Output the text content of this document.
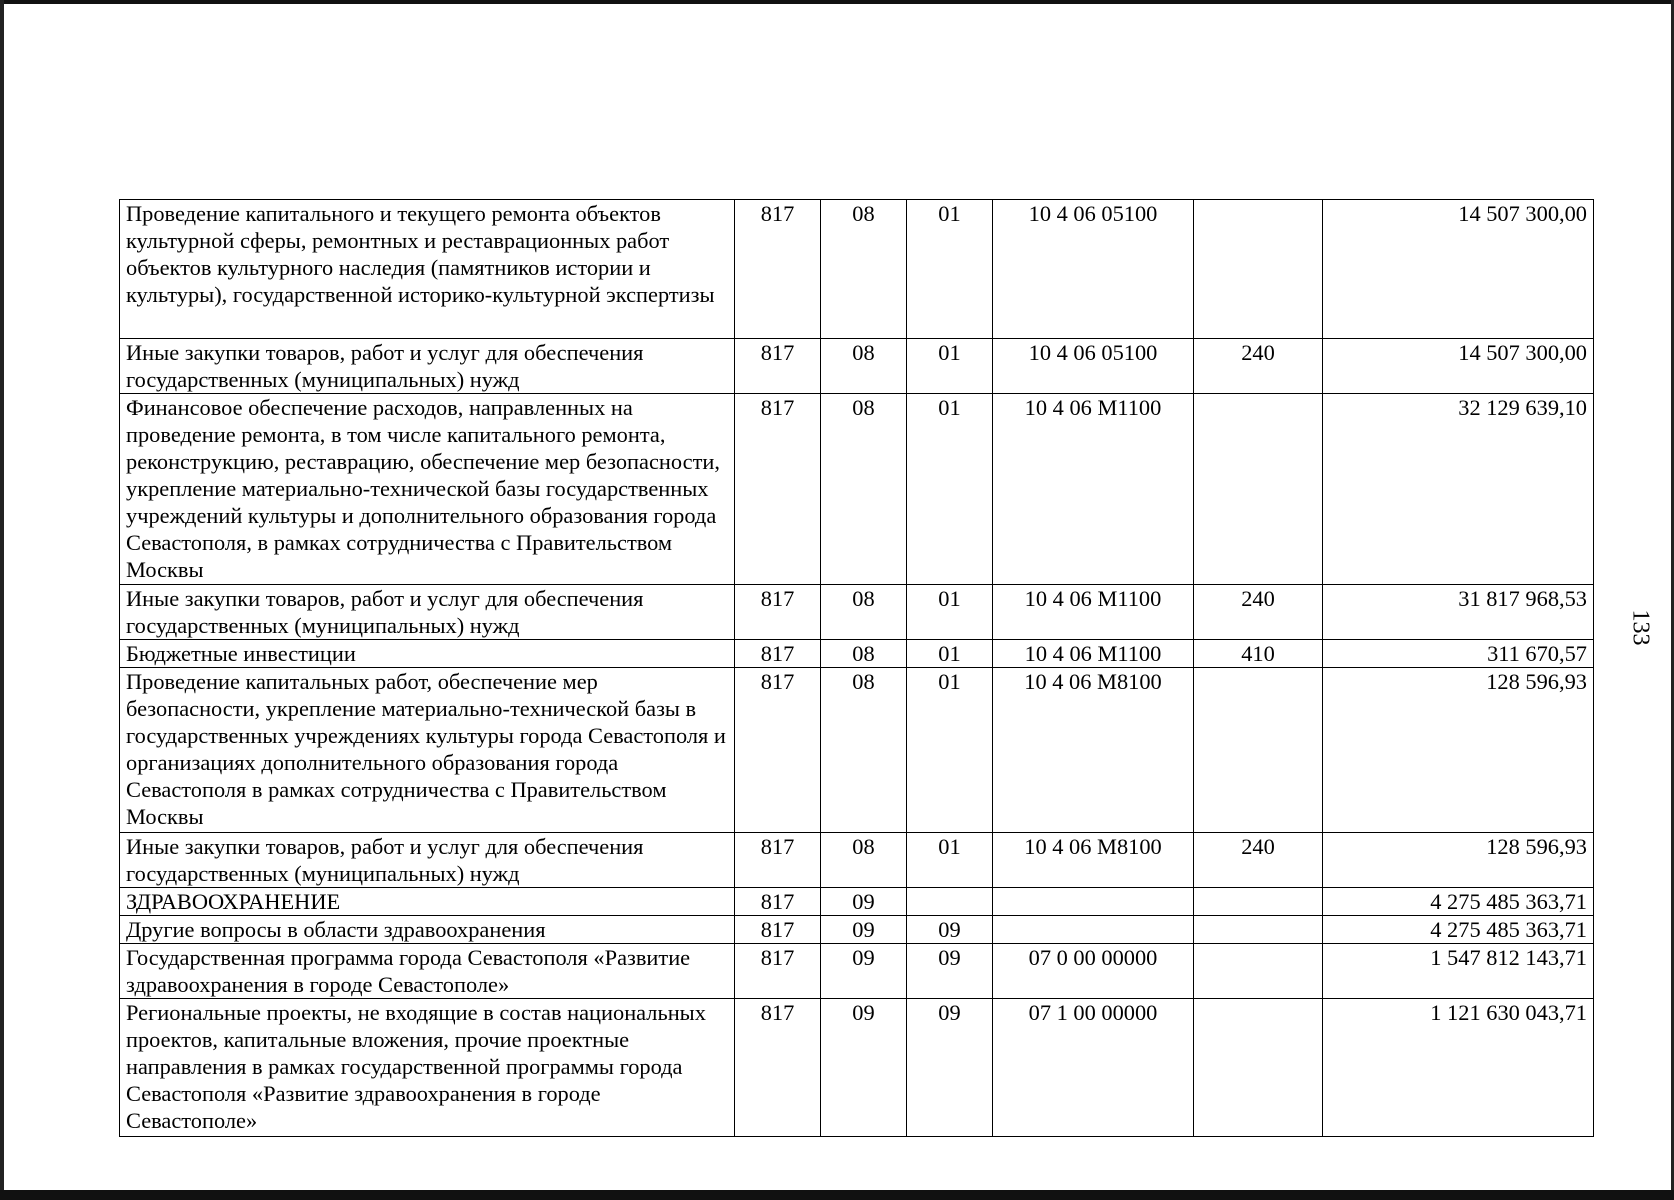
Проведение капитального и текущего ремонта объектов культурной сферы, ремонтных и реставрационных работ объектов культурного наследия (памятников истории и культуры), государственной историко-культурной экспертизы	817	08	01	10 4 06 05100		14 507 300,00
Иные закупки товаров, работ и услуг для обеспечения государственных (муниципальных) нужд	817	08	01	10 4 06 05100	240	14 507 300,00
Финансовое обеспечение расходов, направленных на проведение ремонта, в том числе капитального ремонта, реконструкцию, реставрацию, обеспечение мер безопасности, укрепление материально-технической базы государственных учреждений культуры и дополнительного образования города Севастополя, в рамках сотрудничества с Правительством Москвы	817	08	01	10 4 06 М1100		32 129 639,10
Иные закупки товаров, работ и услуг для обеспечения государственных (муниципальных) нужд	817	08	01	10 4 06 М1100	240	31 817 968,53
Бюджетные инвестиции	817	08	01	10 4 06 М1100	410	311 670,57
Проведение капитальных работ, обеспечение мер безопасности, укрепление материально-технической базы в государственных учреждениях культуры города Севастополя и организациях дополнительного образования города Севастополя в рамках сотрудничества с Правительством Москвы	817	08	01	10 4 06 М8100		128 596,93
Иные закупки товаров, работ и услуг для обеспечения государственных (муниципальных) нужд	817	08	01	10 4 06 М8100	240	128 596,93
ЗДРАВООХРАНЕНИЕ	817	09				4 275 485 363,71
Другие вопросы в области здравоохранения	817	09	09			4 275 485 363,71
Государственная программа города Севастополя «Развитие здравоохранения в городе Севастополе»	817	09	09	07 0 00 00000		1 547 812 143,71
Региональные проекты, не входящие в состав национальных проектов, капитальные вложения, прочие проектные направления в рамках государственной программы города Севастополя «Развитие здравоохранения в городе Севастополе»	817	09	09	07 1 00 00000		1 121 630 043,71
133
